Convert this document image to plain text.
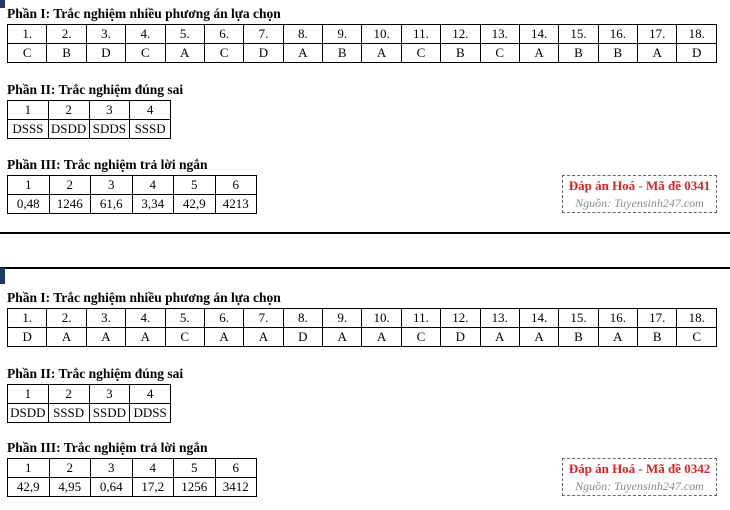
Phần I: Trắc nghiệm nhiều phương án lựa chọn
1.	2.	3.	4.	5.	6.	7.	8.	9.	10.	11.	12.	13.	14.	15.	16.	17.	18.
C	B	D	C	A	C	D	A	B	A	C	B	C	A	B	B	A	D
Phần II: Trắc nghiệm đúng sai
1	2	3	4
DSSS	DSDD	SDDS	SSSD
Phần III: Trắc nghiệm trả lời ngắn
1	2	3	4	5	6
0,48	1246	61,6	3,34	42,9	4213
Đáp án Hoá - Mã đề 0341
Nguồn: Tuyensinh247.com
Phần I: Trắc nghiệm nhiều phương án lựa chọn
1.	2.	3.	4.	5.	6.	7.	8.	9.	10.	11.	12.	13.	14.	15.	16.	17.	18.
D	A	A	A	C	A	A	D	A	A	C	D	A	A	B	A	B	C
Phần II: Trắc nghiệm đúng sai
1	2	3	4
DSDD	SSSD	SSDD	DDSS
Phần III: Trắc nghiệm trả lời ngắn
1	2	3	4	5	6
42,9	4,95	0,64	17,2	1256	3412
Đáp án Hoá - Mã đề 0342
Nguồn: Tuyensinh247.com
